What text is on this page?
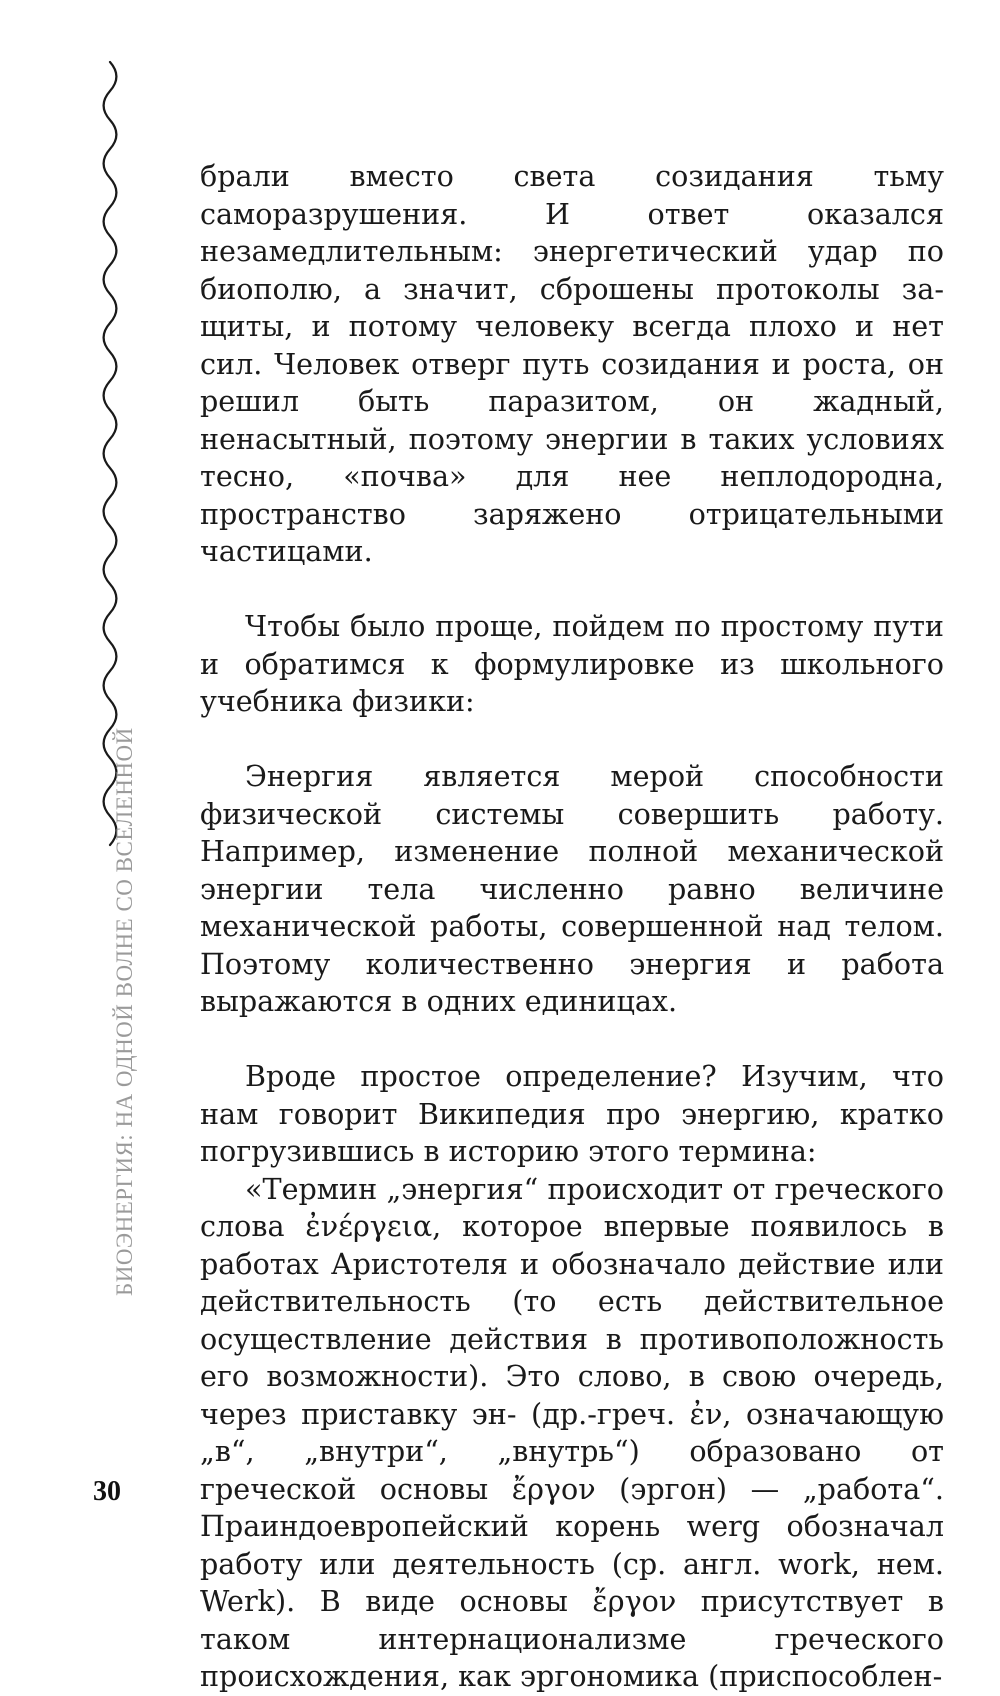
БИОЭНЕРГИЯ: НА ОДНОЙ ВОЛНЕ СО ВСЕЛЕННОЙ
30

брали вместо света созидания тьму саморазрушения. И ответ оказался незамедлительным: энергетический удар по биополю, а значит, сброшены протоколы защиты, и потому человеку всегда плохо и нет сил. Человек отверг путь созидания и роста, он решил быть паразитом, он жадный, ненасытный, поэтому энергии в таких условиях тесно, «почва» для нее неплодородна, пространство заряжено отрицательными частицами.

Чтобы было проще, пойдем по простому пути и обратимся к формулировке из школьного учебника физики:

Энергия является мерой способности физической системы совершить работу. Например, изменение полной механической энергии тела численно равно величине механической работы, совершенной над телом. Поэтому количественно энергия и работа выражаются в одних единицах.

Вроде простое определение? Изучим, что нам говорит Википедия про энергию, кратко погрузившись в историю этого термина:

«Термин „энергия“ происходит от греческого слова ἐνέργεια, которое впервые появилось в работах Аристотеля и обозначало действие или действительность (то есть действительное осуществление действия в противоположность его возможности). Это слово, в свою очередь, через приставку эн- (др.-греч. ἐν, означающую „в“, „внутри“, „внутрь“) образовано от греческой основы ἔργον (эргон) — „работа“. Праиндоевропейский корень werg обозначал работу или деятельность (ср. англ. work, нем. Werk). В виде основы ἔργον присутствует в таком интернационализме греческого происхождения, как эргономика (приспособлен-
